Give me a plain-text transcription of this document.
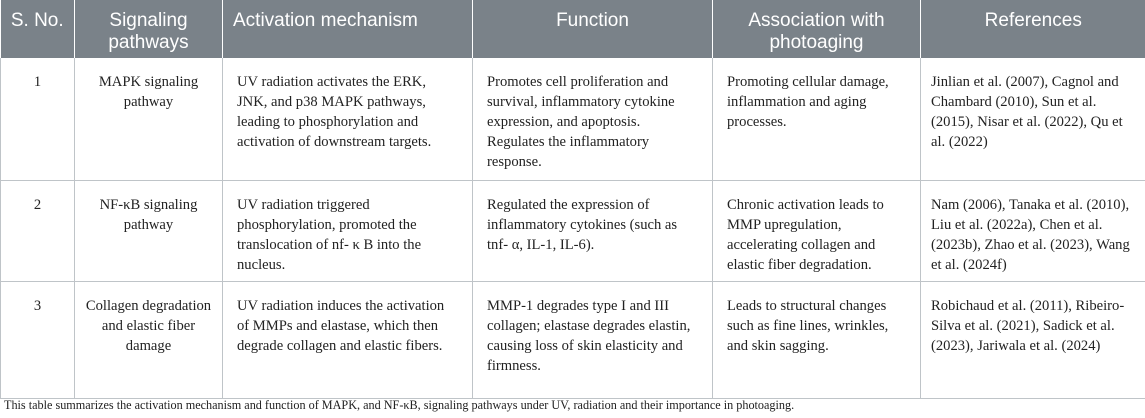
S. No.	Signaling pathways	Activation mechanism	Function	Association with photoaging	References
1	MAPK signaling pathway	UV radiation activates the ERK, JNK, and p38 MAPK pathways, leading to phosphorylation and activation of downstream targets.	Promotes cell proliferation and survival, inflammatory cytokine expression, and apoptosis. Regulates the inflammatory response.	Promoting cellular damage, inflammation and aging processes.	Jinlian et al. (2007), Cagnol and Chambard (2010), Sun et al. (2015), Nisar et al. (2022), Qu et al. (2022)
2	NF-κB signaling pathway	UV radiation triggered phosphorylation, promoted the translocation of nf- κ B into the nucleus.	Regulated the expression of inflammatory cytokines (such as tnf- α, IL-1, IL-6).	Chronic activation leads to MMP upregulation, accelerating collagen and elastic fiber degradation.	Nam (2006), Tanaka et al. (2010), Liu et al. (2022a), Chen et al. (2023b), Zhao et al. (2023), Wang et al. (2024f)
3	Collagen degradation and elastic fiber damage	UV radiation induces the activation of MMPs and elastase, which then degrade collagen and elastic fibers.	MMP-1 degrades type I and III collagen; elastase degrades elastin, causing loss of skin elasticity and firmness.	Leads to structural changes such as fine lines, wrinkles, and skin sagging.	Robichaud et al. (2011), Ribeiro-Silva et al. (2021), Sadick et al. (2023), Jariwala et al. (2024)
This table summarizes the activation mechanism and function of MAPK, and NF-κB, signaling pathways under UV, radiation and their importance in photoaging.
